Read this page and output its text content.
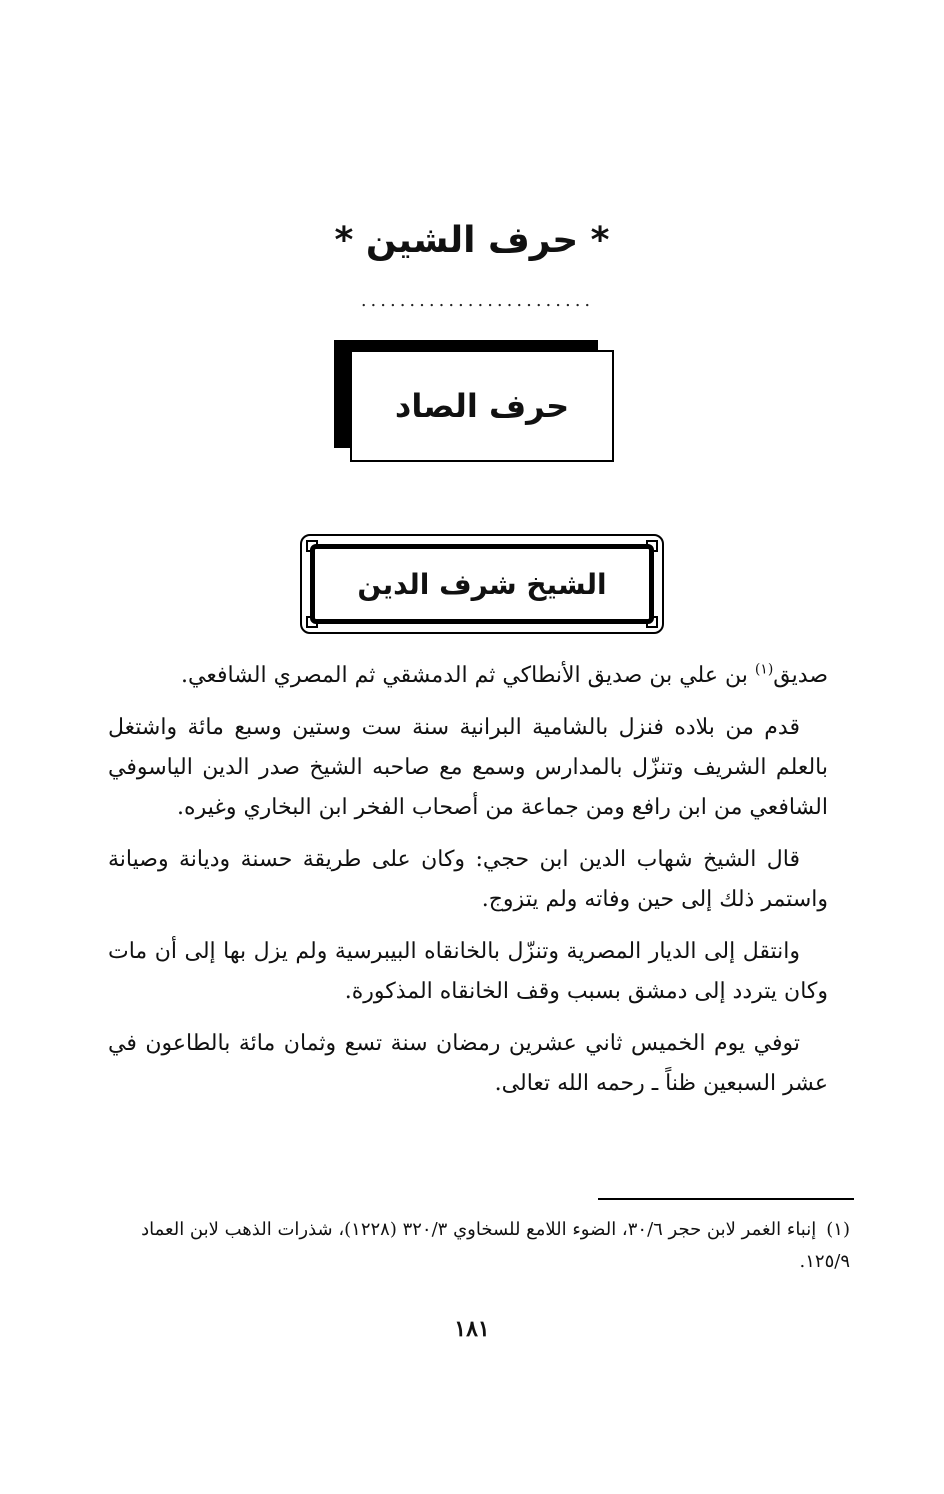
* حرف الشين *
........................
حرف الصاد
الشيخ شرف الدين

صديق$^{(١)}$ بن علي بن صديق الأنطاكي ثم الدمشقي ثم المصري الشافعي.

قدم من بلاده فنزل بالشامية البرانية سنة ست وستين وسبع مائة واشتغل بالعلم الشريف وتنزّل بالمدارس وسمع مع صاحبه الشيخ صدر الدين الياسوفي الشافعي من ابن رافع ومن جماعة من أصحاب الفخر ابن البخاري وغيره.

قال الشيخ شهاب الدين ابن حجي: وكان على طريقة حسنة وديانة وصيانة واستمر ذلك إلى حين وفاته ولم يتزوج.

وانتقل إلى الديار المصرية وتنزّل بالخانقاه البيبرسية ولم يزل بها إلى أن مات وكان يتردد إلى دمشق بسبب وقف الخانقاه المذكورة.

توفي يوم الخميس ثاني عشرين رمضان سنة تسع وثمان مائة بالطاعون في عشر السبعين ظناً ـ رحمه الله تعالى.

(١)إنباء الغمر لابن حجر ٣٠/٦، الضوء اللامع للسخاوي ٣٢٠/٣ (١٢٢٨)، شذرات الذهب لابن العماد ١٢٥/٩.
١٨١
